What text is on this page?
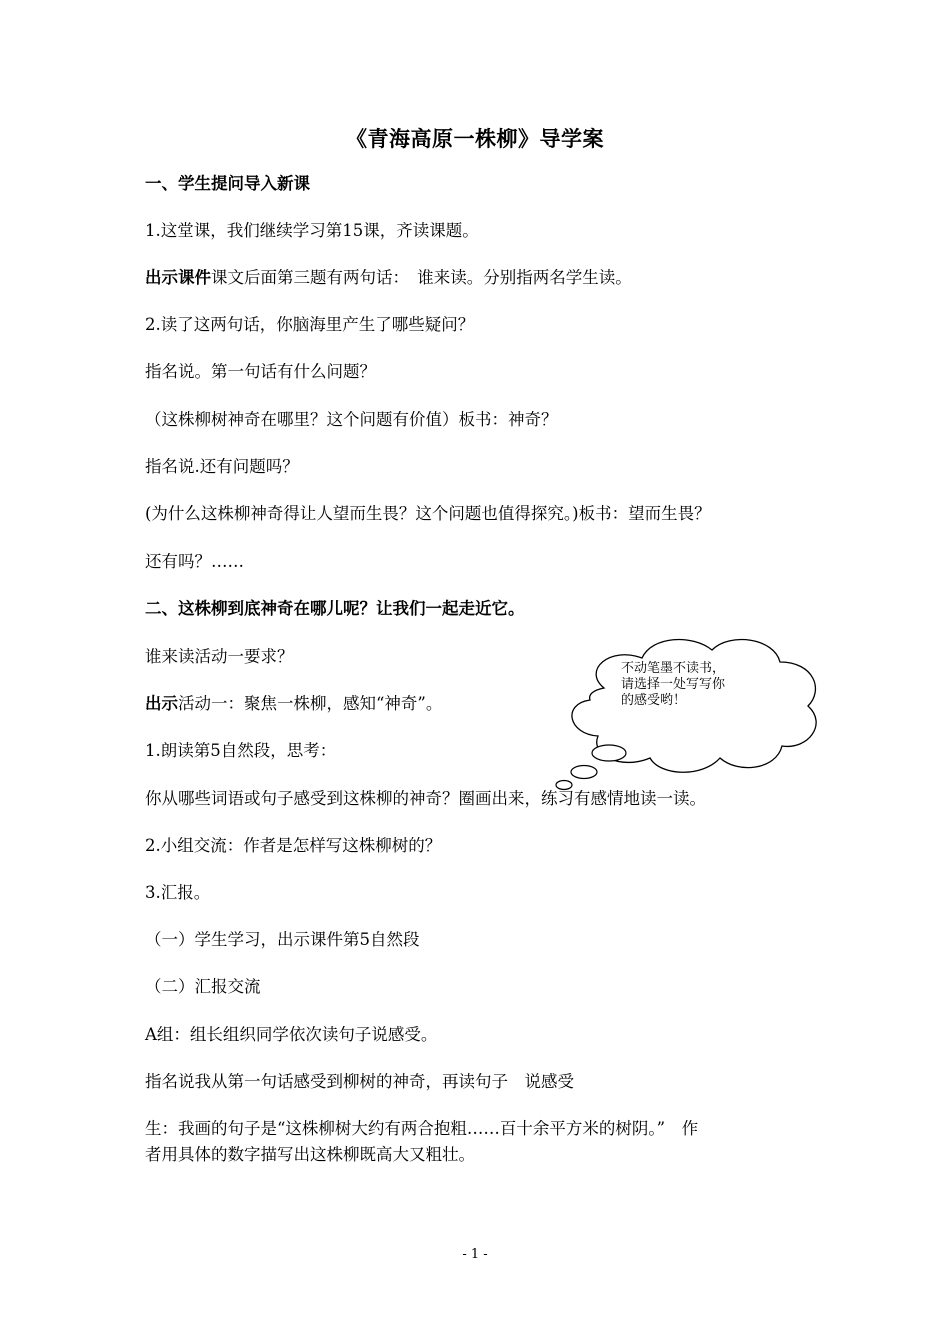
《青海高原一株柳》导学案
一、学生提问导入新课
1.这堂课，我们继续学习第15课，齐读课题。
出示课件课文后面第三题有两句话：　谁来读。分别指两名学生读。
2.读了这两句话，你脑海里产生了哪些疑问？
指名说。第一句话有什么问题？
（这株柳树神奇在哪里？这个问题有价值）板书：神奇？
指名说.还有问题吗？
(为什么这株柳神奇得让人望而生畏？这个问题也值得探究。)板书：望而生畏？
还有吗？……
二、这株柳到底神奇在哪儿呢？让我们一起走近它。
谁来读活动一要求？
出示活动一：聚焦一株柳，感知“神奇”。
1.朗读第5自然段，思考：
你从哪些词语或句子感受到这株柳的神奇？圈画出来，练习有感情地读一读。
2.小组交流：作者是怎样写这株柳树的？
3.汇报。
（一）学生学习，出示课件第5自然段
（二）汇报交流
A组：组长组织同学依次读句子说感受。
指名说我从第一句话感受到柳树的神奇，再读句子　说感受
生：我画的句子是“这株柳树大约有两合抱粗……百十余平方米的树阴。”　作
者用具体的数字描写出这株柳既高大又粗壮。
不动笔墨不读书，
请选择一处写写你
的感受哟！
- 1 -
